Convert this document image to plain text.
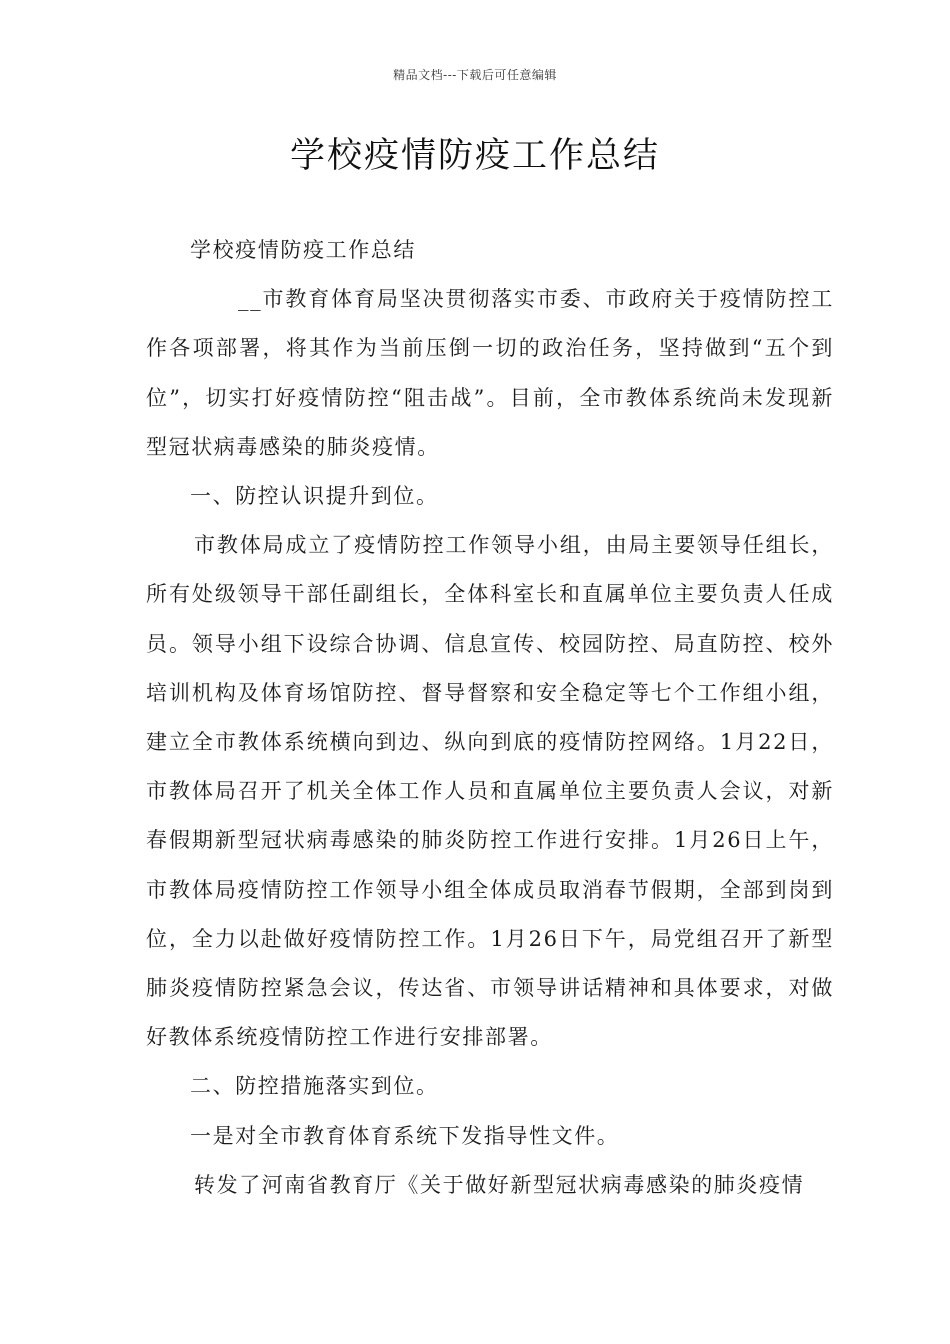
精品文档---下载后可任意编辑
学校疫情防疫工作总结

学校疫情防疫工作总结

__市教育体育局坚决贯彻落实市委、市政府关于疫情防控工作各项部署，将其作为当前压倒一切的政治任务，坚持做到“五个到位”，切实打好疫情防控“阻击战”。目前，全市教体系统尚未发现新型冠状病毒感染的肺炎疫情。

一、防控认识提升到位。

市教体局成立了疫情防控工作领导小组，由局主要领导任组长，所有处级领导干部任副组长，全体科室长和直属单位主要负责人任成员。领导小组下设综合协调、信息宣传、校园防控、局直防控、校外培训机构及体育场馆防控、督导督察和安全稳定等七个工作组小组，建立全市教体系统横向到边、纵向到底的疫情防控网络。1月22日，市教体局召开了机关全体工作人员和直属单位主要负责人会议，对新春假期新型冠状病毒感染的肺炎防控工作进行安排。1月26日上午，市教体局疫情防控工作领导小组全体成员取消春节假期，全部到岗到位，全力以赴做好疫情防控工作。1月26日下午，局党组召开了新型肺炎疫情防控紧急会议，传达省、市领导讲话精神和具体要求，对做好教体系统疫情防控工作进行安排部署。

二、防控措施落实到位。

一是对全市教育体育系统下发指导性文件。

转发了河南省教育厅《关于做好新型冠状病毒感染的肺炎疫情
